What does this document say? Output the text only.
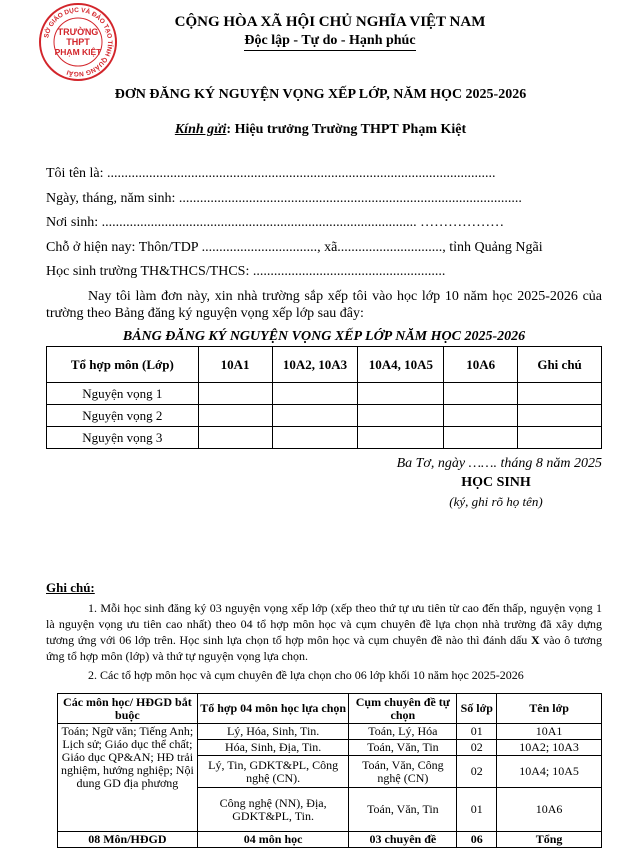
SỞ GIÁO DỤC VÀ ĐÀO TẠO TỈNH QUẢNG NGÃI
TRƯỜNG
THPT
PHẠM KIỆT
CỘNG HÒA XÃ HỘI CHỦ NGHĨA VIỆT NAM
Độc lập - Tự do - Hạnh phúc
ĐƠN ĐĂNG KÝ NGUYỆN VỌNG XẾP LỚP, NĂM HỌC 2025-2026
Kính gửi: Hiệu trưởng Trường THPT Phạm Kiệt
Tôi tên là: ...............................................................................................................
Ngày, tháng, năm sinh: ..................................................................................................
Nơi sinh: .......................................................................................... ………………
Chỗ ở hiện nay: Thôn/TDP ................................., xã.............................., tỉnh Quảng Ngãi
Học sinh trường TH&THCS/THCS: .......................................................
Nay tôi làm đơn này, xin nhà trường sắp xếp tôi vào học lớp 10 năm học 2025-2026 của trường theo Bảng đăng ký nguyện vọng xếp lớp sau đây:
BẢNG ĐĂNG KÝ NGUYỆN VỌNG XẾP LỚP NĂM HỌC 2025-2026
Tổ hợp môn (Lớp)	10A1	10A2, 10A3	10A4, 10A5	10A6	Ghi chú
Nguyện vọng 1					
Nguyện vọng 2					
Nguyện vọng 3					
Ba Tơ, ngày ……. tháng 8 năm 2025
HỌC SINH
(ký, ghi rõ họ tên)
Ghi chú:
1. Mỗi học sinh đăng ký 03 nguyện vọng xếp lớp (xếp theo thứ tự ưu tiên từ cao đến thấp, nguyện vọng 1 là nguyện vọng ưu tiên cao nhất) theo 04 tổ hợp môn học và cụm chuyên đề lựa chọn nhà trường đã xây dựng tương ứng với 06 lớp trên. Học sinh lựa chọn tổ hợp môn học và cụm chuyên đề nào thì đánh dấu X vào ô tương ứng tổ hợp môn (lớp) và thứ tự nguyện vọng lựa chọn.
2. Các tổ hợp môn học và cụm chuyên đề lựa chọn cho 06 lớp khối 10 năm học 2025-2026
Các môn học/ HĐGD bắt buộc	Tổ hợp 04 môn học lựa chọn	Cụm chuyên đề tự chọn	Số lớp	Tên lớp
Toán; Ngữ văn; Tiếng Anh; Lịch sử; Giáo dục thể chất; Giáo dục QP&AN; HĐ trải nghiệm, hướng nghiệp; Nội dung GD địa phương	Lý, Hóa, Sinh, Tin.	Toán, Lý, Hóa	01	10A1
	Hóa, Sinh, Địa, Tin.	Toán, Văn, Tin	02	10A2; 10A3
	Lý, Tin, GDKT&PL, Công nghệ (CN).	Toán, Văn, Công nghệ (CN)	02	10A4; 10A5
	Công nghệ (NN), Địa, GDKT&PL, Tin.	Toán, Văn, Tin	01	10A6
08 Môn/HĐGD	04 môn học	03 chuyên đề	06	Tổng
